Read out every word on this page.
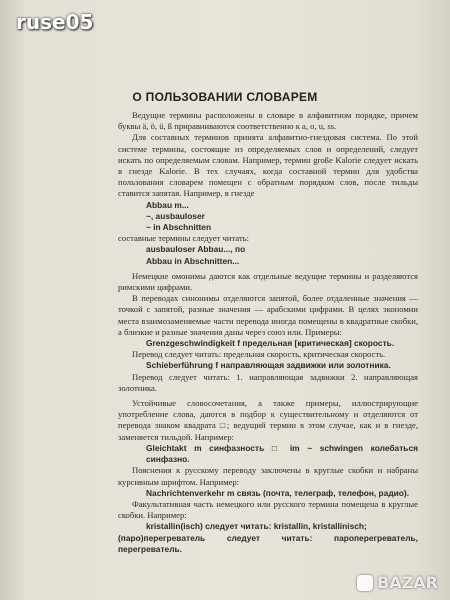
ruse05
О ПОЛЬЗОВАНИИ СЛОВАРЕМ

Ведущие термины расположены в словаре в алфавитном порядке, причем буквы ä, ö, ü, ß приравниваются соответственно к a, o, u, ss.

Для составных терминов принята алфавитно-гнездовая система. По этой системе термины, состоящие из определяемых слов и определений, следует искать по определяемым словам. Например, термин große Kalorie следует искать в гнезде Kalorie. В тех случаях, когда составной термин для удобства пользования словарем помещен с обратным порядком слов, после тильды ставится запятая. Например, в гнезде

Abbau m...
~, ausbauloser
~ in Abschnitten

составные термины следует читать:

ausbauloser Abbau..., по
Abbau in Abschnitten...

Немецкие омонимы даются как отдельные ведущие термины и разделяются римскими цифрами.

В переводах синонимы отделяются запятой, более отдаленные значения — точкой с запятой, разные значения — арабскими цифрами. В целях экономии места взаимозаменяемые части перевода иногда помещены в квадратные скобки, а близкие и разные значения даны через союз или. Примеры:

Grenzgeschwindigkeit f предельная [критическая] скорость.

Перевод следует читать: предельная скорость, критическая скорость.

Schieberführung f направляющая задвижки или золотника.

Перевод следует читать: 1. направляющая задвижки 2. направляющая золотника.

Устойчивые словосочетания, а также примеры, иллюстрирующие употребление слова, даются в подбор к существительному и отделяются от перевода знаком квадрата □; ведущий термин в этом случае, как и в гнезде, заменяется тильдой. Например:

Gleichtakt m синфазность □ im ~ schwingen колебаться синфазно.

Пояснения к русскому переводу заключены в круглые скобки и набраны курсивным шрифтом. Например:

Nachrichtenverkehr m связь (почта, телеграф, телефон, радио).

Факультативная часть немецкого или русского термина помещена в круглые скобки. Например:

kristallin(isch) следует читать: kristallin, kristallinisch;
(паро)перегреватель следует читать: пароперегреватель, перегреватель.
BAZAR
